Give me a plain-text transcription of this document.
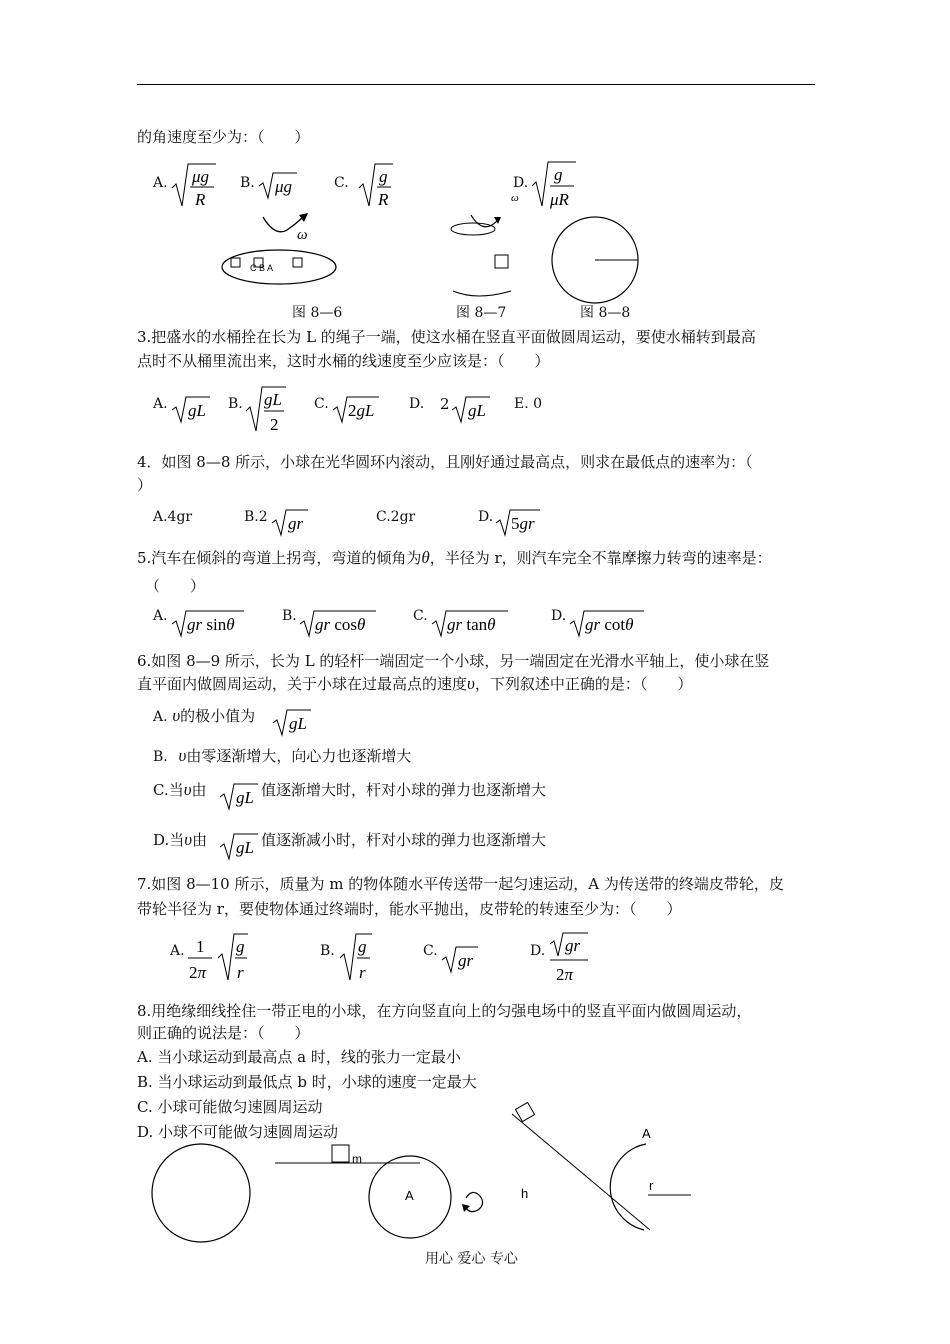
的角速度至少为：（　　）
A. μg
R
B. μg	C. g
R
D. g
μR
ω
C B A
ω
图 8—6	图 8—7	图 8—8
3.把盛水的水桶拴在长为 L 的绳子一端，使这水桶在竖直平面做圆周运动，要使水桶转到最高
点时不从桶里流出来，这时水桶的线速度至少应该是：（　　）
A. gL B. gL
2
C. 2gL D. 2 gL E. 0
4．如图 8—8 所示，小球在光华圆环内滚动，且刚好通过最高点，则求在最低点的速率为：（
）
A.4gr	B.2 gr	C.2gr	D. 5gr
5.汽车在倾斜的弯道上拐弯，弯道的倾角为θ，半径为 r，则汽车完全不靠摩擦力转弯的速率是：
（　　）
A. gr sinθ	B. gr cosθ	C. gr tanθ	D. gr cotθ
6.如图 8—9 所示，长为 L 的轻杆一端固定一个小球，另一端固定在光滑水平轴上，使小球在竖
直平面内做圆周运动，关于小球在过最高点的速度υ，下列叙述中正确的是：（　　）
A. υ的极小值为 gL
B. υ由零逐渐增大，向心力也逐渐增大
C.当υ由 gL 值逐渐增大时，杆对小球的弹力也逐渐增大
D.当υ由 gL 值逐渐减小时，杆对小球的弹力也逐渐增大
7.如图 8—10 所示，质量为 m 的物体随水平传送带一起匀速运动，A 为传送带的终端皮带轮，皮
带轮半径为 r，要使物体通过终端时，能水平抛出，皮带轮的转速至少为：（　　）
A. 1
2π
g
r
B. g
r
C. gr	D. gr
2π
8.用绝缘细线拴住一带正电的小球，在方向竖直向上的匀强电场中的竖直平面内做圆周运动，
则正确的说法是：（　　）
A. 当小球运动到最高点 a 时，线的张力一定最小
B. 当小球运动到最低点 b 时，小球的速度一定最大
C. 小球可能做匀速圆周运动
D. 小球不可能做匀速圆周运动
m
A	h
r
A
用心 爱心 专心
